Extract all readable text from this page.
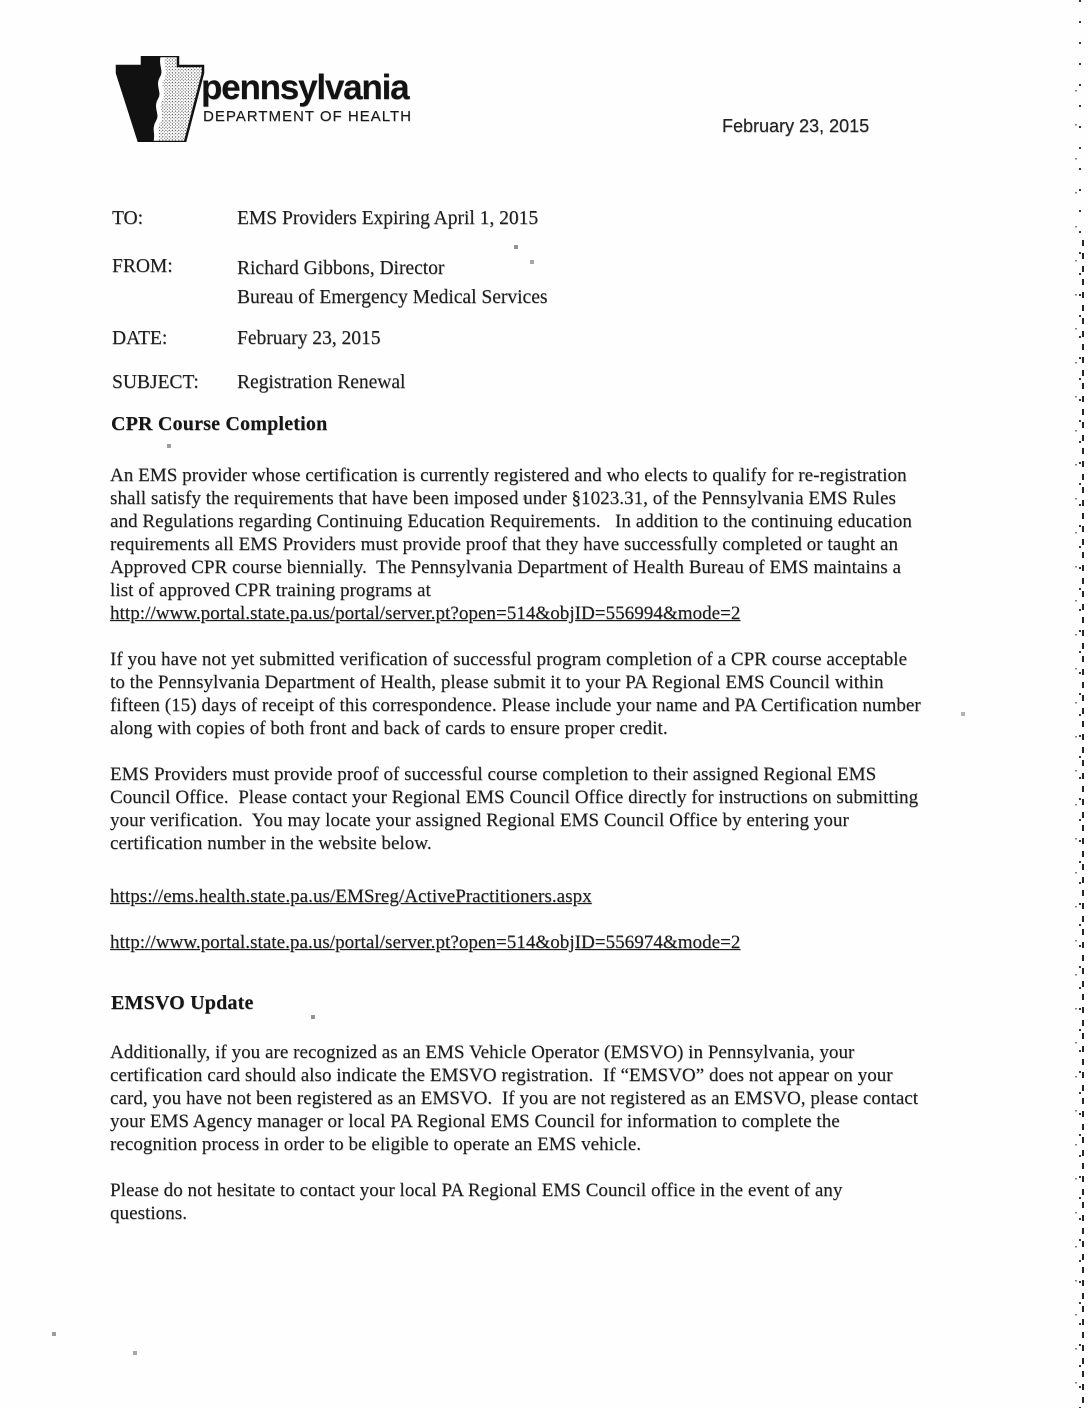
pennsylvania
DEPARTMENT OF HEALTH	February 23, 2015
TO:	EMS Providers Expiring April 1, 2015
FROM:	Richard Gibbons, Director
Bureau of Emergency Medical Services
DATE:	February 23, 2015
SUBJECT:	Registration Renewal
CPR Course Completion
An EMS provider whose certification is currently registered and who elects to qualify for re-registration
shall satisfy the requirements that have been imposed under §1023.31, of the Pennsylvania EMS Rules
and Regulations regarding Continuing Education Requirements.   In addition to the continuing education
requirements all EMS Providers must provide proof that they have successfully completed or taught an
Approved CPR course biennially.  The Pennsylvania Department of Health Bureau of EMS maintains a
list of approved CPR training programs at
http://www.portal.state.pa.us/portal/server.pt?open=514&objID=556994&mode=2
If you have not yet submitted verification of successful program completion of a CPR course acceptable
to the Pennsylvania Department of Health, please submit it to your PA Regional EMS Council within
fifteen (15) days of receipt of this correspondence. Please include your name and PA Certification number
along with copies of both front and back of cards to ensure proper credit.
EMS Providers must provide proof of successful course completion to their assigned Regional EMS
Council Office.  Please contact your Regional EMS Council Office directly for instructions on submitting
your verification.  You may locate your assigned Regional EMS Council Office by entering your
certification number in the website below.
https://ems.health.state.pa.us/EMSreg/ActivePractitioners.aspx
http://www.portal.state.pa.us/portal/server.pt?open=514&objID=556974&mode=2
EMSVO Update
Additionally, if you are recognized as an EMS Vehicle Operator (EMSVO) in Pennsylvania, your
certification card should also indicate the EMSVO registration.  If “EMSVO” does not appear on your
card, you have not been registered as an EMSVO.  If you are not registered as an EMSVO, please contact
your EMS Agency manager or local PA Regional EMS Council for information to complete the
recognition process in order to be eligible to operate an EMS vehicle.
Please do not hesitate to contact your local PA Regional EMS Council office in the event of any
questions.
